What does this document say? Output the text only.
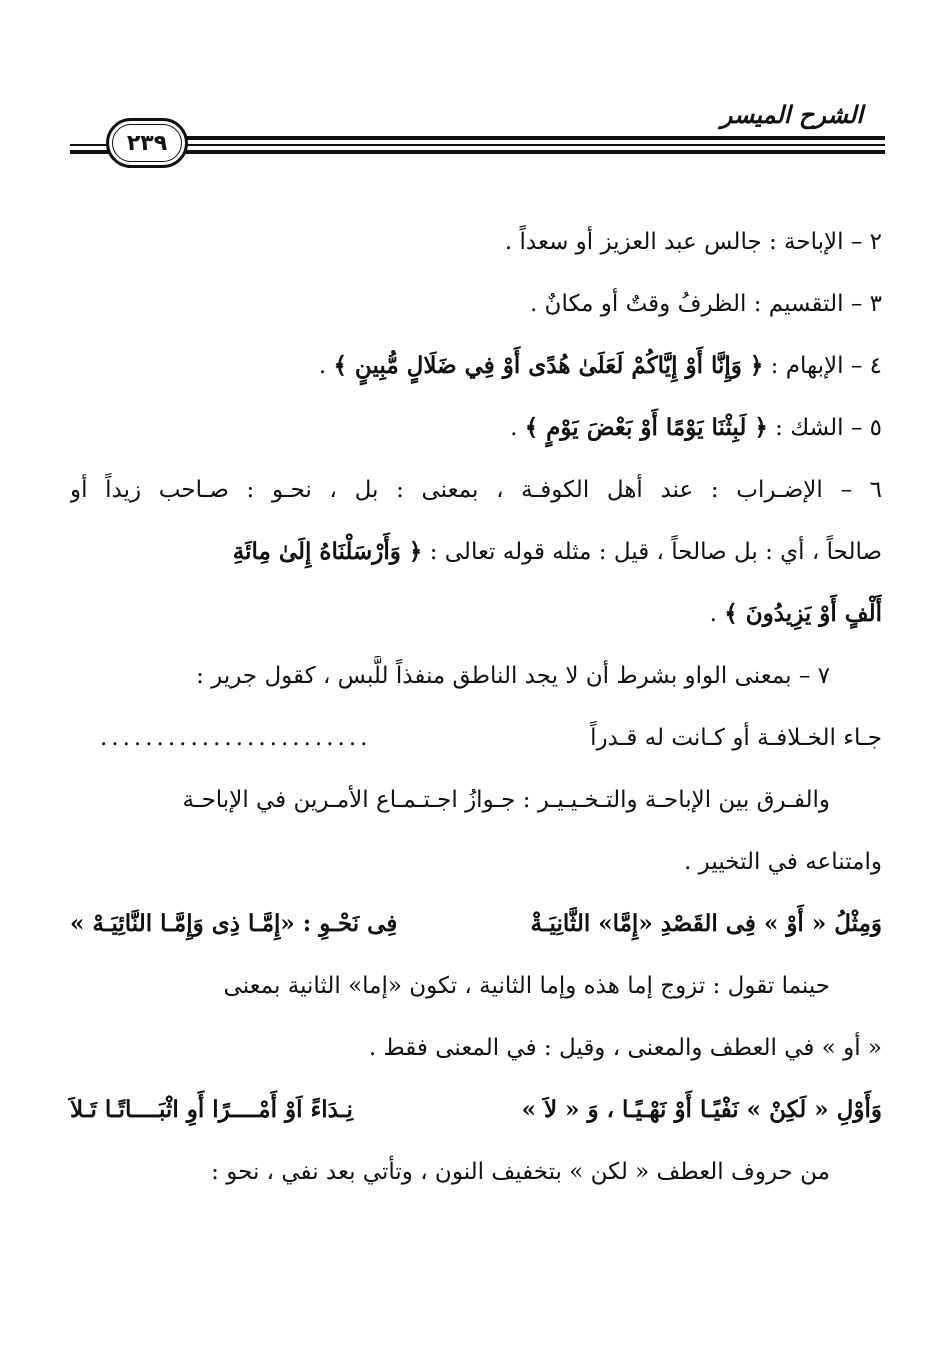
الشرح الميسر
٢٣٩
٢ – الإباحة : جالس عبد العزيز أو سعداً .
٣ – التقسيم : الظرفُ وقتٌ أو مكانٌ .
٤ – الإبهام : ﴿ وَإِنَّا أَوْ إِيَّاكُمْ لَعَلَىٰ هُدًى أَوْ فِي ضَلَالٍ مُّبِينٍ ﴾ .
٥ – الشك : ﴿ لَبِثْنَا يَوْمًا أَوْ بَعْضَ يَوْمٍ ﴾ .
٦ – الإضـراب : عند أهل الكوفـة ، بمعنى : بل ، نحـو : صـاحب زيداً أو
صالحاً ، أي : بل صالحاً ، قيل : مثله قوله تعالى : ﴿ وَأَرْسَلْنَاهُ إِلَىٰ مِائَةِ
أَلْفٍ أَوْ يَزِيدُونَ ﴾ .
٧ – بمعنى الواو بشرط أن لا يجد الناطق منفذاً للَّبس ، كقول جرير :
جـاء الخـلافـة أو كـانت له قـدراً
........................
والفـرق بين الإباحـة والتـخـيـيـر : جـوازُ اجـتـمـاع الأمـرين في الإباحـة
وامتناعه في التخيير .
وَمِثْلُ « أَوْ » فِى القَصْدِ «إِمَّا» الثَّانِيَـةْ
فِى نَحْـوِ : «إِمَّـا ذِى وَإِمَّـا النَّائِيَـهْ »
حينما تقول : تزوج إما هذه وإما الثانية ، تكون «إما» الثانية بمعنى
« أو » في العطف والمعنى ، وقيل : في المعنى فقط .
وَأَوْلِ « لَكِنْ » نَفْيًـا أَوْ نَهْـيًـا ، وَ « لاَ »
نِـدَاءً اَوْ أَمْــــرًا أَوِ اثْبَــــاتًـا تَـلاَ
من حروف العطف « لكن » بتخفيف النون ، وتأتي بعد نفي ، نحو :
